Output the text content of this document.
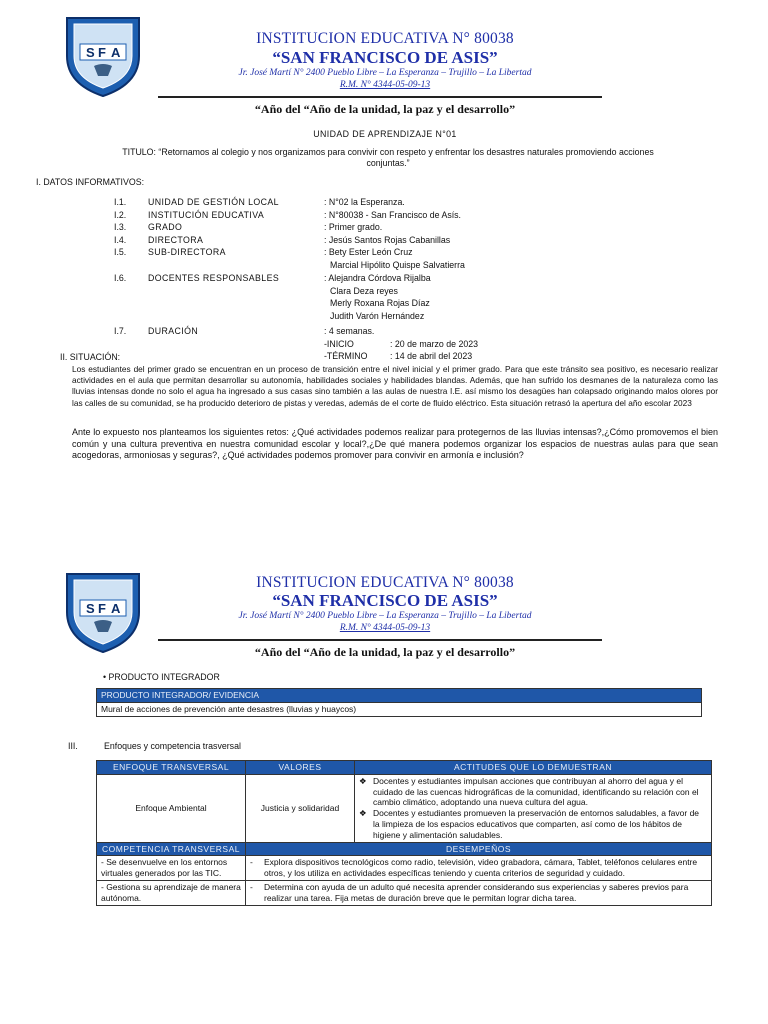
S F A
INSTITUCION EDUCATIVA N° 80038
“SAN FRANCISCO DE ASIS”
Jr. José Martí N° 2400 Pueblo Libre – La Esperanza – Trujillo – La Libertad
R.M. N° 4344-05-09-13
“Año del “Año de la unidad, la paz y el desarrollo”
UNIDAD DE APRENDIZAJE N°01
TITULO: “Retornamos al colegio y nos organizamos para convivir con respeto y enfrentar los desastres naturales promoviendo acciones
conjuntas.”
I. DATOS INFORMATIVOS:
I.1.	UNIDAD DE GESTIÓN LOCAL	: N°02 la Esperanza.
I.2.	INSTITUCIÓN EDUCATIVA	: N°80038 - San Francisco de Asís.
I.3.	GRADO	: Primer grado.
I.4.	DIRECTORA	: Jesús Santos Rojas Cabanillas
I.5.	SUB-DIRECTORA	: Bety Ester León Cruz
Marcial Hipólito Quispe Salvatierra
I.6.	DOCENTES RESPONSABLES	: Alejandra Córdova Rijalba
Clara Deza reyes
Merly Roxana Rojas Díaz
Judith Varón Hernández
I.7.	DURACIÓN	: 4 semanas.
-INICIO	: 20 de marzo de 2023
-TÉRMINO	: 14 de abril del 2023
II. SITUACIÓN:
Los estudiantes del primer grado se encuentran en un proceso de transición entre el nivel inicial y el primer grado. Para que este tránsito sea positivo, es necesario realizar actividades en el aula que permitan desarrollar su autonomía, habilidades sociales y habilidades blandas. Además, que han sufrido los desmanes de la naturaleza como las lluvias intensas donde no solo el agua ha ingresado a sus casas sino también a las aulas de nuestra I.E. así mismo los desagües han colapsado originando malos olores por las calles de su comunidad, se ha producido deterioro de pistas y veredas, además de el corte de fluido eléctrico. Esta situación retrasó la apertura del año escolar 2023
Ante lo expuesto nos planteamos los siguientes retos: ¿Qué actividades podemos realizar para protegernos de las lluvias intensas?,¿Cómo promovemos el bien común y una cultura preventiva en nuestra comunidad escolar y local?,¿De qué manera podemos organizar los espacios de nuestras aulas para que sean acogedoras, armoniosas y seguras?, ¿Qué actividades podemos promover para convivir en armonía e inclusión?
S F A
INSTITUCION EDUCATIVA N° 80038
“SAN FRANCISCO DE ASIS”
Jr. José Martí N° 2400 Pueblo Libre – La Esperanza – Trujillo – La Libertad
R.M. N° 4344-05-09-13
“Año del “Año de la unidad, la paz y el desarrollo”
• PRODUCTO INTEGRADOR
PRODUCTO INTEGRADOR/ EVIDENCIA
Mural de acciones de prevención ante desastres (lluvias y huaycos)
III.	Enfoques y competencia trasversal
ENFOQUE TRANSVERSAL	VALORES	ACTITUDES QUE LO DEMUESTRAN
Enfoque Ambiental	Justicia y solidaridad	❖ Docentes y estudiantes impulsan acciones que contribuyan al ahorro del agua y el cuidado de las cuencas hidrográficas de la comunidad, identificando su relación con el cambio climático, adoptando una nueva cultura del agua.
❖ Docentes y estudiantes promueven la preservación de entornos saludables, a favor de la limpieza de los espacios educativos que comparten, así como de los hábitos de higiene y alimentación saludables.

COMPETENCIA TRANSVERSAL	DESEMPEÑOS	
- Se desenvuelve en los entornos virtuales generados por las TIC.	- Explora dispositivos tecnológicos como radio, televisión, video grabadora, cámara, Tablet, teléfonos celulares entre otros, y los utiliza en actividades específicas teniendo y cuenta criterios de seguridad y cuidado.	

- Gestiona su aprendizaje de manera autónoma.	- Determina con ayuda de un adulto qué necesita aprender considerando sus experiencias y saberes previos para realizar una tarea. Fija metas de duración breve que le permitan lograr dicha tarea.	
